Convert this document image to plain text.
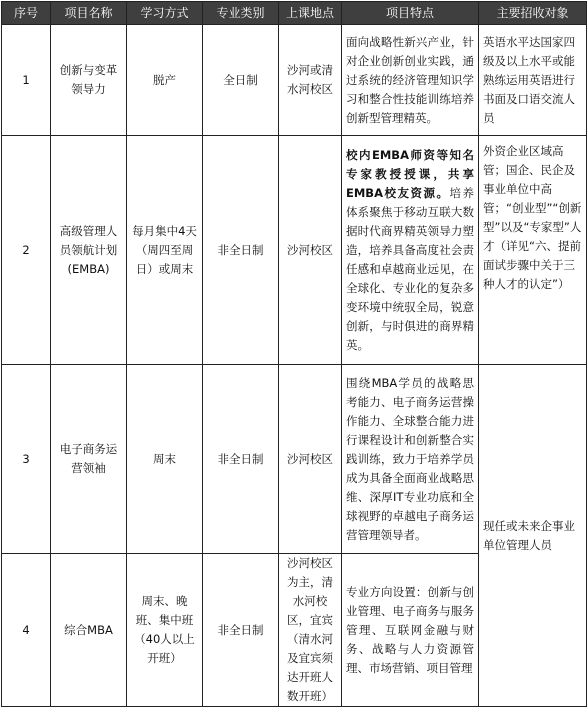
序号	项目名称	学习方式	专业类别	上课地点	项目特点	主要招收对象
1	创新与变革领导力	脱产	全日制	沙河或清水河校区	面向战略性新兴产业，针对企业创新创业实践，通过系统的经济管理知识学习和整合性技能训练培养创新型管理精英。	英语水平达国家四级及以上水平或能熟练运用英语进行书面及口语交流人员
2	高级管理人员领航计划(EMBA)	每月集中4天（周四至周日）或周末	非全日制	沙河校区	校内EMBA师资等知名专家教授授课，共享EMBA校友资源。培养体系聚焦于移动互联大数据时代商界精英领导力塑造，培养具备高度社会责任感和卓越商业远见，在全球化、专业化的复杂多变环境中统驭全局，锐意创新，与时俱进的商界精英。	外资企业区域高管；国企、民企及事业单位中高管；“创业型”“创新型”以及“专家型”人才（详见“六、提前面试步骤中关于三种人才的认定”）
3	电子商务运营领袖	周末	非全日制	沙河校区	围绕MBA学员的战略思考能力、电子商务运营操作能力、全球整合能力进行课程设计和创新整合实践训练，致力于培养学员成为具备全面商业战略思维、深厚IT专业功底和全球视野的卓越电子商务运营管理领导者。	现任或未来企事业单位管理人员
4	综合MBA	周末、晚班、集中班（40人以上开班）	非全日制	沙河校区为主，清水河校区，宜宾（清水河及宜宾须达开班人数开班）	专业方向设置：创新与创业管理、电子商务与服务管理、互联网金融与财务、战略与人力资源管理、市场营销、项目管理	
